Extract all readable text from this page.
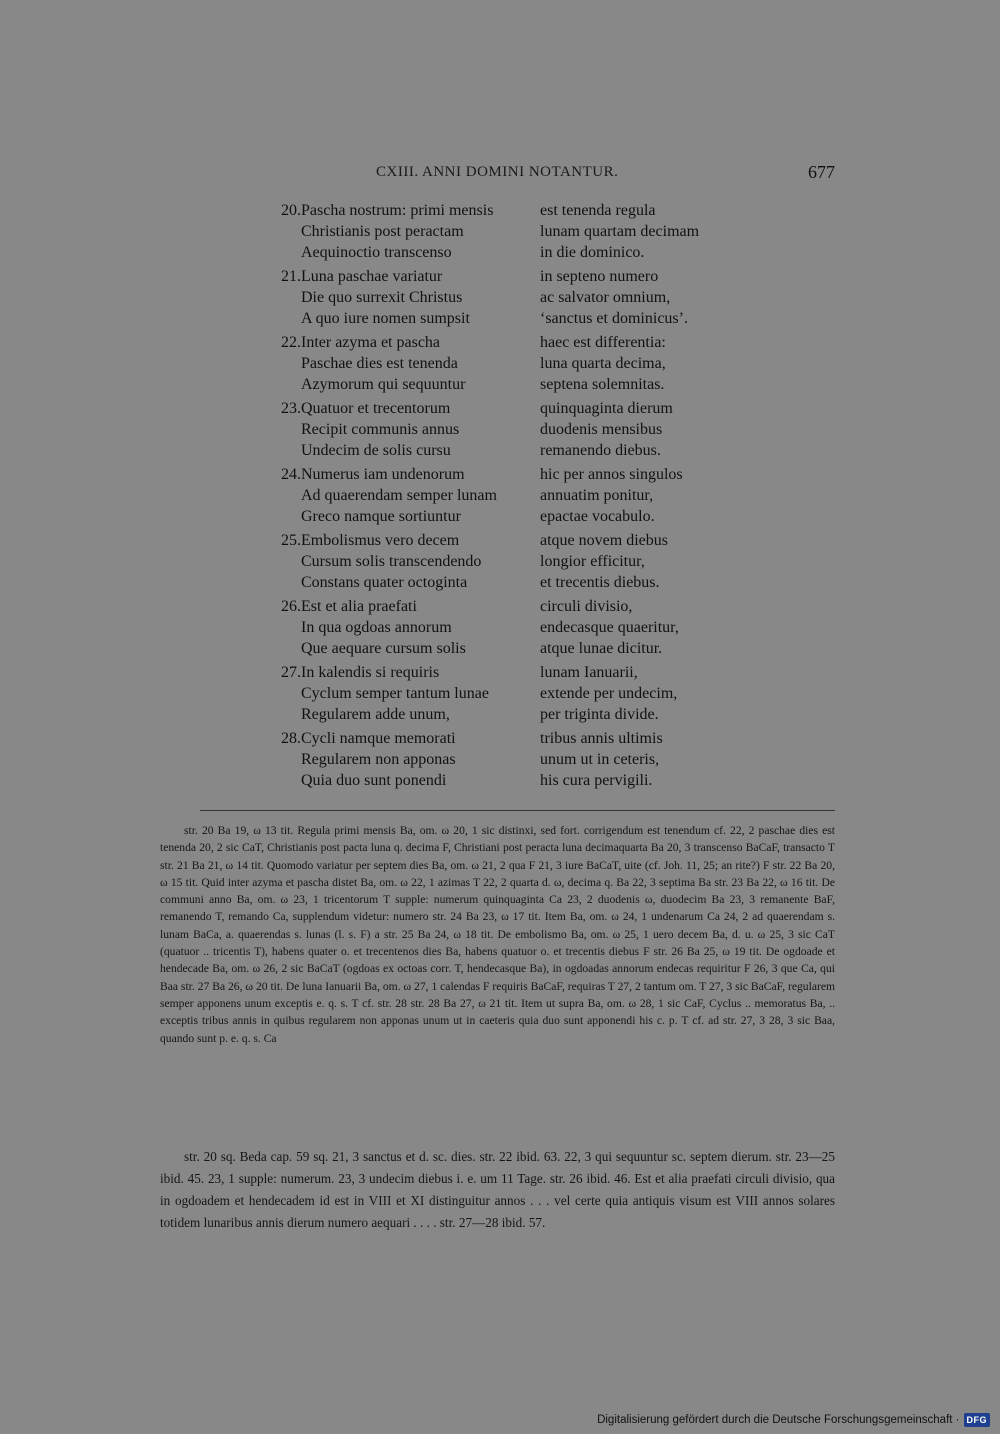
CXIII. ANNI DOMINI NOTANTUR.	677
20. Pascha nostrum: primi mensis	est tenenda regula
Christianis post peractam	lunam quartam decimam
Aequinoctio transcenso	in die dominico.
21. Luna paschae variatur	in septeno numero
Die quo surrexit Christus	ac salvator omnium,
A quo iure nomen sumpsit	‘sanctus et dominicus’.
22. Inter azyma et pascha	haec est differentia:
Paschae dies est tenenda	luna quarta decima,
Azymorum qui sequuntur	septena solemnitas.
23. Quatuor et trecentorum	quinquaginta dierum
Recipit communis annus	duodenis mensibus
Undecim de solis cursu	remanendo diebus.
24. Numerus iam undenorum	hic per annos singulos
Ad quaerendam semper lunam	annuatim ponitur,
Greco namque sortiuntur	epactae vocabulo.
25. Embolismus vero decem	atque novem diebus
Cursum solis transcendendo	longior efficitur,
Constans quater octoginta	et trecentis diebus.
26. Est et alia praefati	circuli divisio,
In qua ogdoas annorum	endecasque quaeritur,
Que aequare cursum solis	atque lunae dicitur.
27. In kalendis si requiris	lunam Ianuarii,
Cyclum semper tantum lunae	extende per undecim,
Regularem adde unum,	per triginta divide.
28. Cycli namque memorati	tribus annis ultimis
Regularem non apponas	unum ut in ceteris,
Quia duo sunt ponendi	his cura pervigili.

str. 20 Ba 19, ω 13 tit. Regula primi mensis Ba, om. ω 20, 1 sic distinxi, sed fort. corrigendum est tenendum cf. 22, 2 paschae dies est tenenda 20, 2 sic CaT, Christianis post pacta luna q. decima F, Christiani post peracta luna decimaquarta Ba 20, 3 transcenso BaCaF, transacto T str. 21 Ba 21, ω 14 tit. Quomodo variatur per septem dies Ba, om. ω 21, 2 qua F 21, 3 iure BaCaT, uite (cf. Joh. 11, 25; an rite?) F str. 22 Ba 20, ω 15 tit. Quid inter azyma et pascha distet Ba, om. ω 22, 1 azimas T 22, 2 quarta d. ω, decima q. Ba 22, 3 septima Ba str. 23 Ba 22, ω 16 tit. De communi anno Ba, om. ω 23, 1 tricentorum T supple: numerum quinquaginta Ca 23, 2 duodenis ω, duodecim Ba 23, 3 remanente BaF, remanendo T, remando Ca, supplendum videtur: numero str. 24 Ba 23, ω 17 tit. Item Ba, om. ω 24, 1 undenarum Ca 24, 2 ad quaerendam s. lunam BaCa, a. quaerendas s. lunas (l. s. F) a str. 25 Ba 24, ω 18 tit. De embolismo Ba, om. ω 25, 1 uero decem Ba, d. u. ω 25, 3 sic CaT (quatuor .. tricentis T), habens quater o. et trecentenos dies Ba, habens quatuor o. et trecentis diebus F str. 26 Ba 25, ω 19 tit. De ogdoade et hendecade Ba, om. ω 26, 2 sic BaCaT (ogdoas ex octoas corr. T, hendecasque Ba), in ogdoadas annorum endecas requiritur F 26, 3 que Ca, qui Baa str. 27 Ba 26, ω 20 tit. De luna Ianuarii Ba, om. ω 27, 1 calendas F requiris BaCaF, requiras T 27, 2 tantum om. T 27, 3 sic BaCaF, regularem semper apponens unum exceptis e. q. s. T cf. str. 28 str. 28 Ba 27, ω 21 tit. Item ut supra Ba, om. ω 28, 1 sic CaF, Cyclus .. memoratus Ba, .. exceptis tribus annis in quibus regularem non apponas unum ut in caeteris quia duo sunt apponendi his c. p. T cf. ad str. 27, 3 28, 3 sic Baa, quando sunt p. e. q. s. Ca

str. 20 sq. Beda cap. 59 sq. 21, 3 sanctus et d. sc. dies. str. 22 ibid. 63. 22, 3 qui sequuntur sc. septem dierum. str. 23—25 ibid. 45. 23, 1 supple: numerum. 23, 3 undecim diebus i. e. um 11 Tage. str. 26 ibid. 46. Est et alia praefati circuli divisio, qua in ogdoadem et hendecadem id est in VIII et XI distinguitur annos . . . vel certe quia antiquis visum est VIII annos solares totidem lunaribus annis dierum numero aequari . . . . str. 27—28 ibid. 57.

Digitalisierung gefördert durch die Deutsche Forschungsgemeinschaft · DFG
